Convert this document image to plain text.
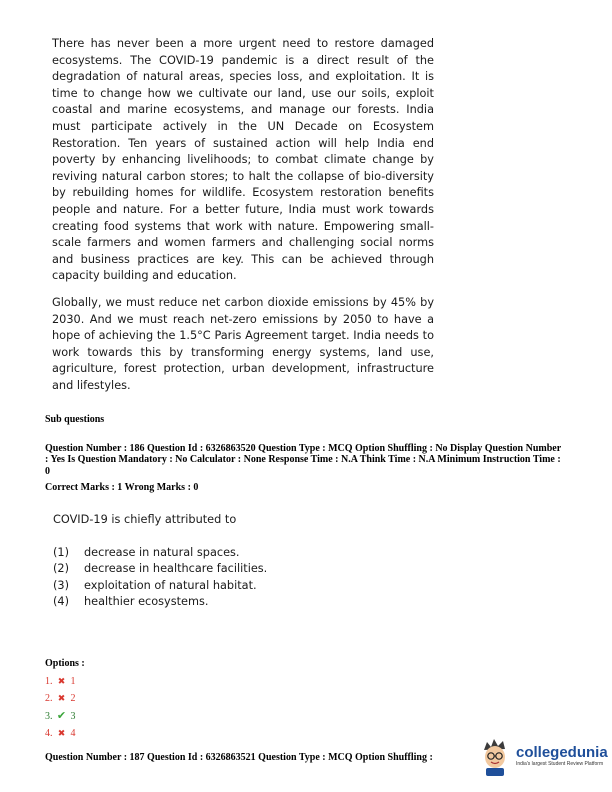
There has never been a more urgent need to restore damaged ecosystems. The COVID-19 pandemic is a direct result of the degradation of natural areas, species loss, and exploitation. It is time to change how we cultivate our land, use our soils, exploit coastal and marine ecosystems, and manage our forests. India must participate actively in the UN Decade on Ecosystem Restoration. Ten years of sustained action will help India end poverty by enhancing livelihoods; to combat climate change by reviving natural carbon stores; to halt the collapse of bio-diversity by rebuilding homes for wildlife. Ecosystem restoration benefits people and nature. For a better future, India must work towards creating food systems that work with nature. Empowering small-scale farmers and women farmers and challenging social norms and business practices are key. This can be achieved through capacity building and education.

Globally, we must reduce net carbon dioxide emissions by 45% by 2030. And we must reach net-zero emissions by 2050 to have a hope of achieving the 1.5°C Paris Agreement target. India needs to work towards this by transforming energy systems, land use, agriculture, forest protection, urban development, infrastructure and lifestyles.

Sub questions
Question Number : 186 Question Id : 6326863520 Question Type : MCQ Option Shuffling : No Display Question Number : Yes Is Question Mandatory : No Calculator : None Response Time : N.A Think Time : N.A Minimum Instruction Time : 0
Correct Marks : 1 Wrong Marks : 0
COVID-19 is chiefly attributed to
(1)	decrease in natural spaces.
(2)	decrease in healthcare facilities.
(3)	exploitation of natural habitat.
(4)	healthier ecosystems.
Options :
1. ✖ 1
2. ✖ 2
3. ✔ 3
4. ✖ 4
Question Number : 187 Question Id : 6326863521 Question Type : MCQ Option Shuffling :	collegedunia
India's largest Student Review Platform
